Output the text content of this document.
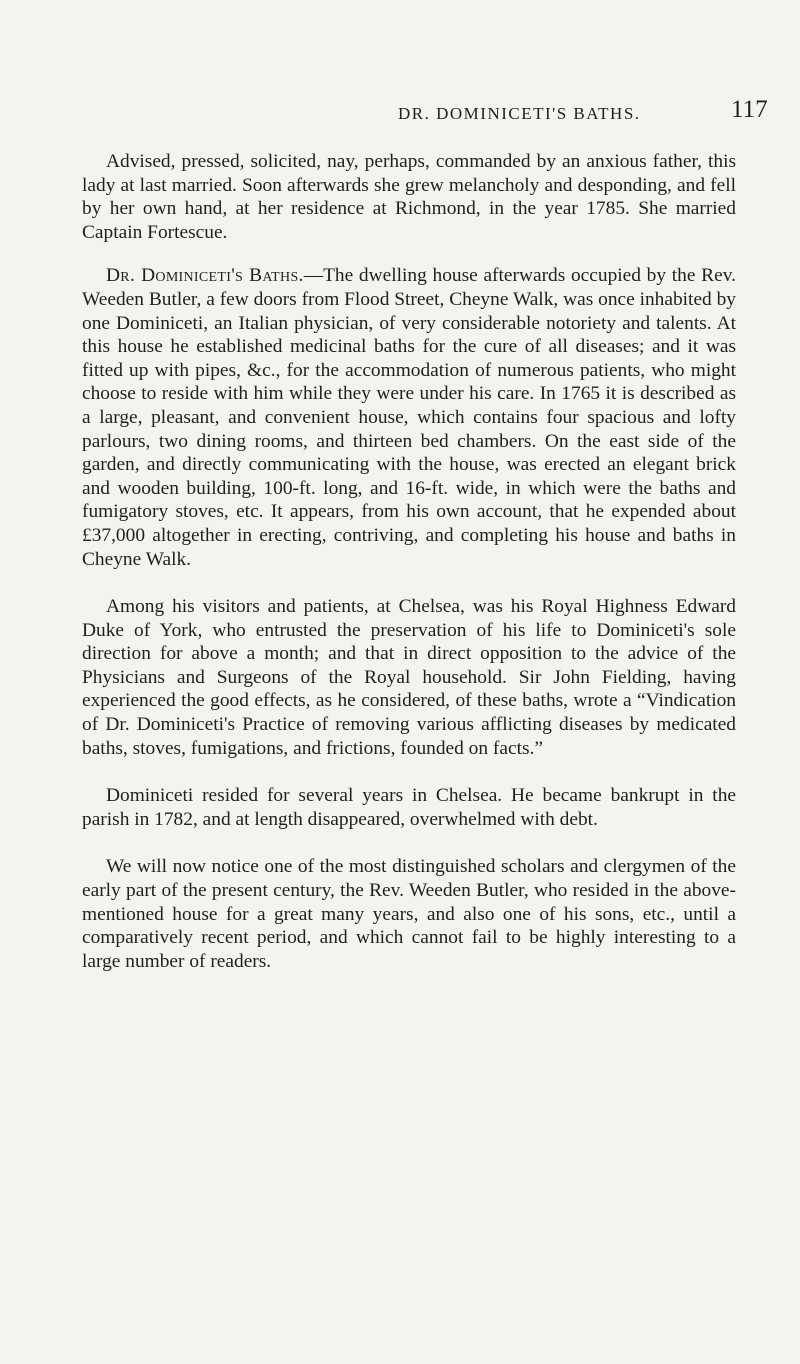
DR. DOMINICETI'S BATHS.	117

Advised, pressed, solicited, nay, perhaps, commanded by an anxious father, this lady at last married. Soon afterwards she grew melancholy and desponding, and fell by her own hand, at her residence at Richmond, in the year 1785. She married Captain Fortescue.

Dr. Dominiceti's Baths.—The dwelling house afterwards occupied by the Rev. Weeden Butler, a few doors from Flood Street, Cheyne Walk, was once inhabited by one Dominiceti, an Italian physician, of very considerable notoriety and talents. At this house he established medicinal baths for the cure of all diseases; and it was fitted up with pipes, &c., for the accommodation of numerous patients, who might choose to reside with him while they were under his care. In 1765 it is described as a large, pleasant, and convenient house, which contains four spacious and lofty parlours, two dining rooms, and thirteen bed chambers. On the east side of the garden, and directly communicating with the house, was erected an elegant brick and wooden building, 100-ft. long, and 16-ft. wide, in which were the baths and fumigatory stoves, etc. It appears, from his own account, that he expended about £37,000 altogether in erecting, contriving, and completing his house and baths in Cheyne Walk.

Among his visitors and patients, at Chelsea, was his Royal Highness Edward Duke of York, who entrusted the preservation of his life to Dominiceti's sole direction for above a month; and that in direct opposition to the advice of the Physicians and Surgeons of the Royal household. Sir John Fielding, having experienced the good effects, as he considered, of these baths, wrote a “Vindication of Dr. Dominiceti's Practice of removing various afflicting diseases by medicated baths, stoves, fumigations, and frictions, founded on facts.”

Dominiceti resided for several years in Chelsea. He became bankrupt in the parish in 1782, and at length disappeared, overwhelmed with debt.

We will now notice one of the most distinguished scholars and clergymen of the early part of the present century, the Rev. Weeden Butler, who resided in the above-mentioned house for a great many years, and also one of his sons, etc., until a comparatively recent period, and which cannot fail to be highly interesting to a large number of readers.
